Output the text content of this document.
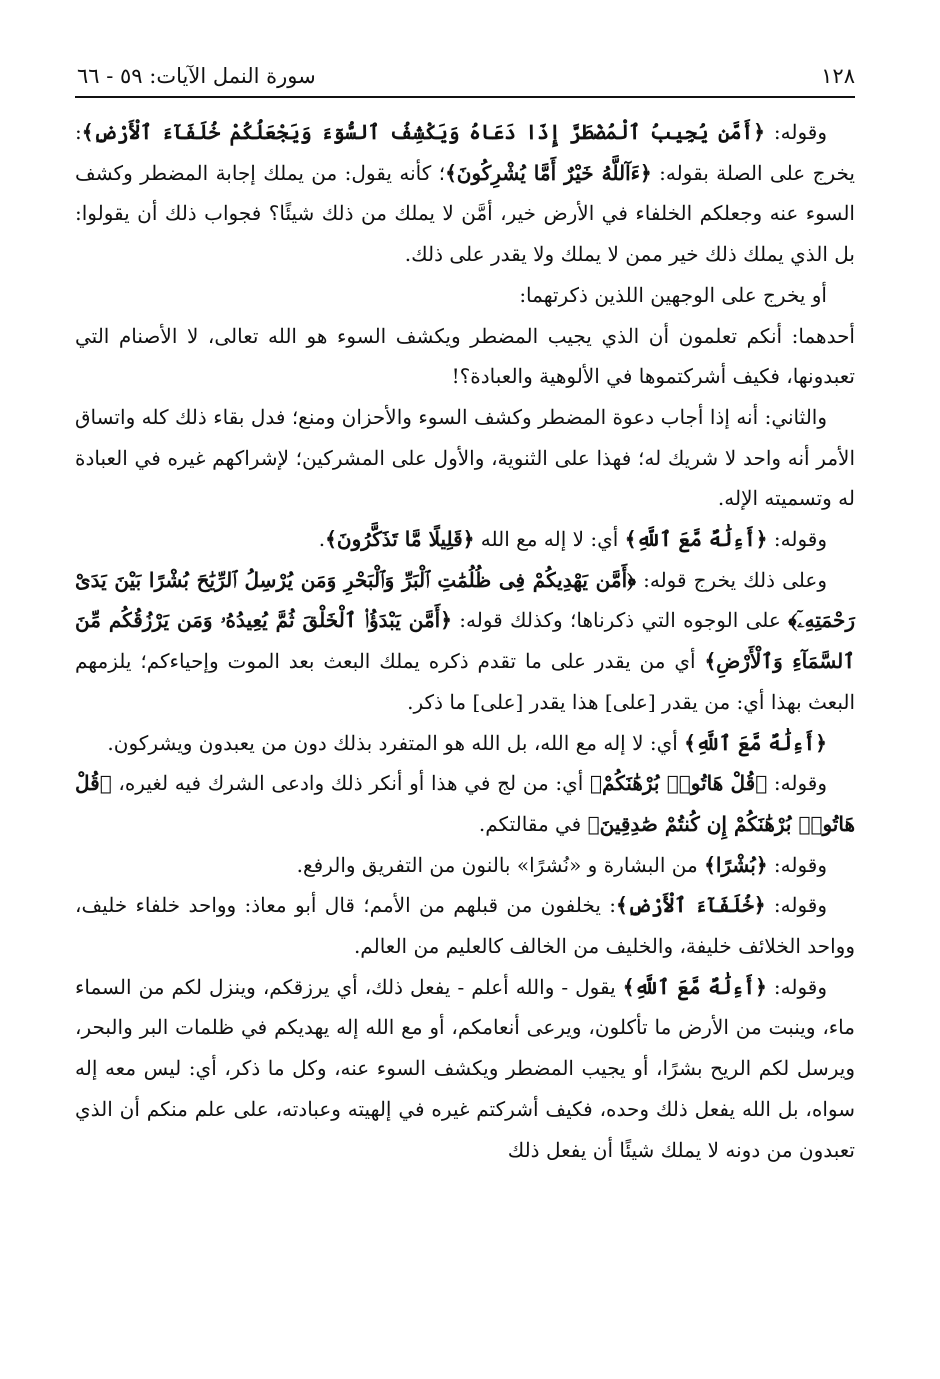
١٢٨
سورة النمل الآيات: ٥٩ - ٦٦

وقوله: ﴿أَمَّن يُجِيبُ ٱلْمُضْطَرَّ إِذَا دَعَاهُ وَيَكْشِفُ ٱلسُّوٓءَ وَيَجْعَلُكُمْ خُلَفَآءَ ٱلْأَرْضِ﴾: يخرج على الصلة بقوله: ﴿ءَآللَّهُ خَيْرٌ أَمَّا يُشْرِكُونَ﴾؛ كأنه يقول: من يملك إجابة المضطر وكشف السوء عنه وجعلكم الخلفاء في الأرض خير، أمَّن لا يملك من ذلك شيئًا؟ فجواب ذلك أن يقولوا: بل الذي يملك ذلك خير ممن لا يملك ولا يقدر على ذلك.

أو يخرج على الوجهين اللذين ذكرتهما:

أحدهما: أنكم تعلمون أن الذي يجيب المضطر ويكشف السوء هو الله تعالى، لا الأصنام التي تعبدونها، فكيف أشركتموها في الألوهية والعبادة؟!

والثاني: أنه إذا أجاب دعوة المضطر وكشف السوء والأحزان ومنع؛ فدل بقاء ذلك كله واتساق الأمر أنه واحد لا شريك له؛ فهذا على الثنوية، والأول على المشركين؛ لإشراكهم غيره في العبادة له وتسميته الإله.

وقوله: ﴿أَءِلَٰهٌ مَّعَ ٱللَّهِ﴾ أي: لا إله مع الله ﴿قَلِيلًا مَّا تَذَكَّرُونَ﴾.

وعلى ذلك يخرج قوله: ﴿أَمَّن يَهْدِيكُمْ فِى ظُلُمَٰتِ ٱلْبَرِّ وَٱلْبَحْرِ وَمَن يُرْسِلُ ٱلرِّيَٰحَ بُشْرًا بَيْنَ يَدَىْ رَحْمَتِهِۦٓ﴾ على الوجوه التي ذكرناها؛ وكذلك قوله: ﴿أَمَّن يَبْدَؤُا۟ ٱلْخَلْقَ ثُمَّ يُعِيدُهُۥ وَمَن يَرْزُقُكُم مِّنَ ٱلسَّمَآءِ وَٱلْأَرْضِ﴾ أي من يقدر على ما تقدم ذكره يملك البعث بعد الموت وإحياءكم؛ يلزمهم البعث بهذا أي: من يقدر [على] هذا يقدر [على] ما ذكر.

﴿أَءِلَٰهٌ مَّعَ ٱللَّهِ﴾ أي: لا إله مع الله، بل الله هو المتفرد بذلك دون من يعبدون ويشركون.

وقوله: ﴿قُلْ هَاتُوا۟ بُرْهَٰنَكُمْ﴾ أي: من لج في هذا أو أنكر ذلك وادعى الشرك فيه لغيره، ﴿قُلْ هَاتُوا۟ بُرْهَٰنَكُمْ إِن كُنتُمْ صَٰدِقِينَ﴾ في مقالتكم.

وقوله: ﴿بُشْرًا﴾ من البشارة و «نُشرًا» بالنون من التفريق والرفع.

وقوله: ﴿خُلَفَآءَ ٱلْأَرْضِ﴾: يخلفون من قبلهم من الأمم؛ قال أبو معاذ: وواحد خلفاء خليف، وواحد الخلائف خليفة، والخليف من الخالف كالعليم من العالم.

وقوله: ﴿أَءِلَٰهٌ مَّعَ ٱللَّهِ﴾ يقول - والله أعلم - يفعل ذلك، أي يرزقكم، وينزل لكم من السماء ماء، وينبت من الأرض ما تأكلون، ويرعى أنعامكم، أو مع الله إله يهديكم في ظلمات البر والبحر، ويرسل لكم الريح بشرًا، أو يجيب المضطر ويكشف السوء عنه، وكل ما ذكر، أي: ليس معه إله سواه، بل الله يفعل ذلك وحده، فكيف أشركتم غيره في إلهيته وعبادته، على علم منكم أن الذي تعبدون من دونه لا يملك شيئًا أن يفعل ذلك
